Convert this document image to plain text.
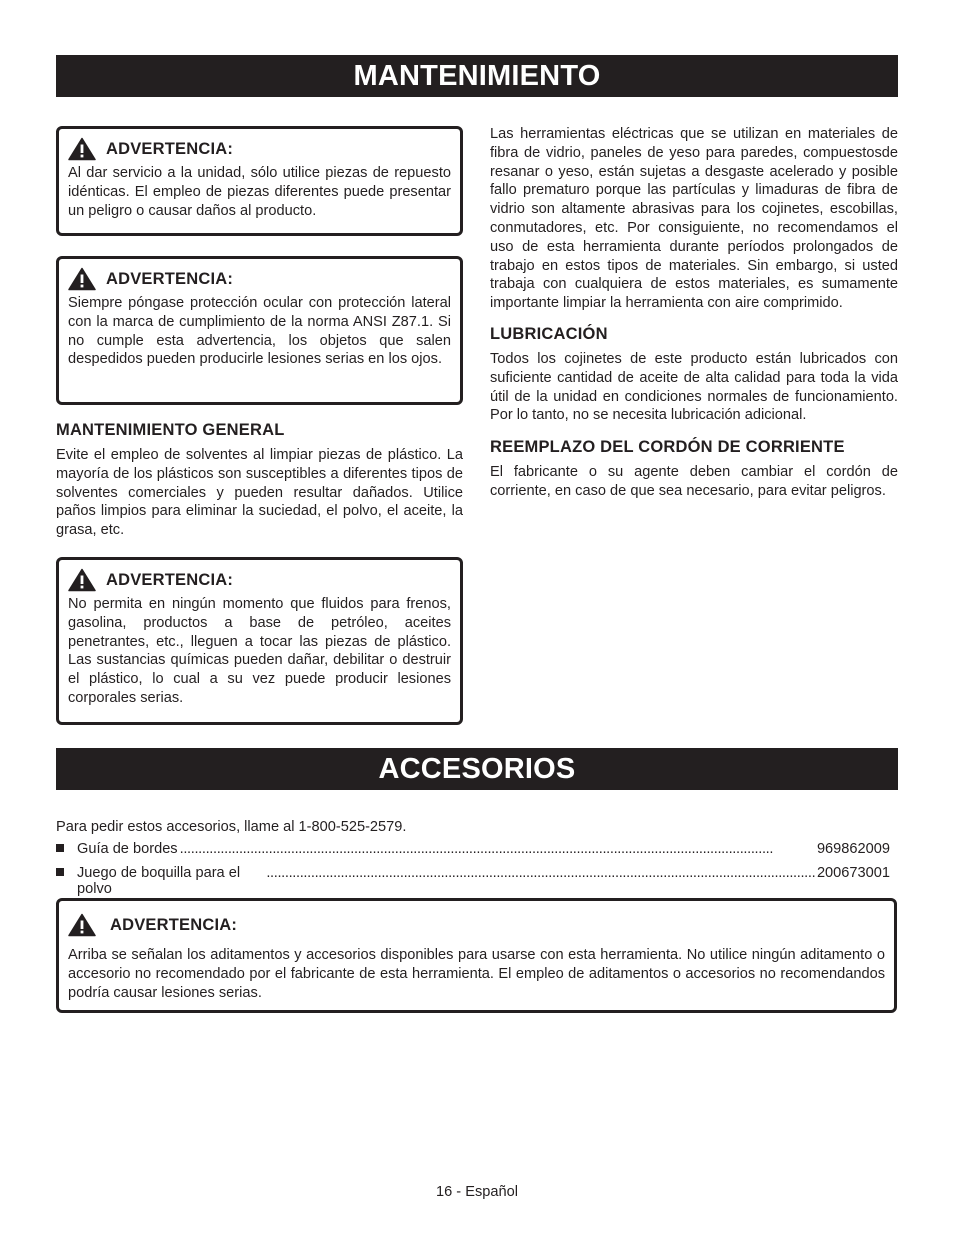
MANTENIMIENTO
ADVERTENCIA:
Al dar servicio a la unidad, sólo utilice piezas de repuesto idénticas. El empleo de piezas diferentes puede presentar un peligro o causar daños al producto.
ADVERTENCIA:
Siempre póngase protección ocular con protección lateral con la marca de cumplimiento de la norma ANSI Z87.1. Si no cumple esta advertencia, los objetos que salen despedidos pueden producirle lesiones serias en los ojos.
MANTENIMIENTO GENERAL
Evite el empleo de solventes al limpiar piezas de plástico. La mayoría de los plásticos son susceptibles a diferentes tipos de solventes comerciales y pueden resultar dañados. Utilice paños limpios para eliminar la suciedad, el polvo, el aceite, la grasa, etc.
ADVERTENCIA:
No permita en ningún momento que fluidos para frenos, gasolina, productos a base de petróleo, aceites penetrantes, etc., lleguen a tocar las piezas de plástico. Las sustancias químicas pueden dañar, debilitar o destruir el plástico, lo cual a su vez puede producir lesiones corporales serias.
Las herramientas eléctricas que se utilizan en materiales de fibra de vidrio, paneles de yeso para paredes, compuestosde resanar o yeso, están sujetas a desgaste acelerado y posible fallo prematuro porque las partículas y limaduras de fibra de vidrio son altamente abrasivas para los cojinetes, escobillas, conmutadores, etc. Por consiguiente, no recomendamos el uso de esta herramienta durante períodos prolongados de trabajo en estos tipos de materiales. Sin embargo, si usted trabaja con cualquiera de estos materiales, es sumamente importante limpiar la herramienta con aire comprimido.
LUBRICACIÓN
Todos los cojinetes de este producto están lubricados con suficiente cantidad de aceite de alta calidad para toda la vida útil de la unidad en condiciones normales de funcionamiento. Por lo tanto, no se necesita lubricación adicional.
REEMPLAZO DEL CORDÓN DE CORRIENTE
El fabricante o su agente deben cambiar el cordón de corriente, en caso de que sea necesario, para evitar peligros.
ACCESORIOS
Para pedir estos accesorios, llame al 1-800-525-2579.
Guía de bordes
. . .	969862009
Juego de boquilla para el polvo
. . .
200673001
ADVERTENCIA:
Arriba se señalan los aditamentos y accesorios disponibles para usarse con esta herramienta. No utilice ningún aditamento o accesorio no recomendado por el fabricante de esta herramienta. El empleo de aditamentos o accesorios no recomendandos podría causar lesiones serias.
16 - Español
